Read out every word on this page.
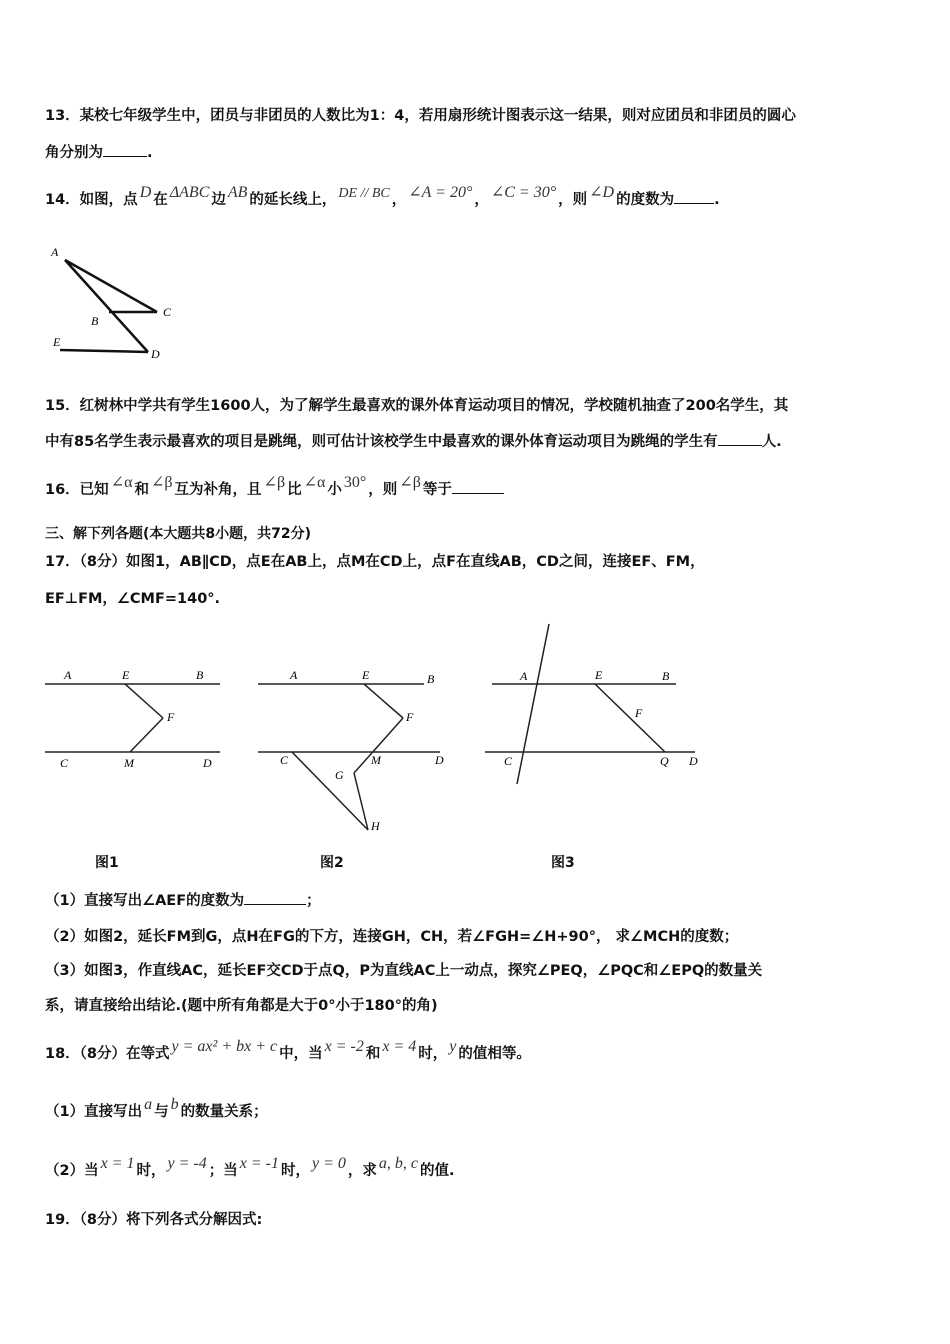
13．某校七年级学生中，团员与非团员的人数比为1：4，若用扇形统计图表示这一结果，则对应团员和非团员的圆心
角分别为	.
14．如图，点 D 在 ΔABC 边 AB 的延长线上， DE // BC ， ∠A = 20° ， ∠C = 30° ，则 ∠D 的度数为	.
A
B
C
E
D
15．红树林中学共有学生1600人，为了解学生最喜欢的课外体育运动项目的情况，学校随机抽查了200名学生，其
中有85名学生表示最喜欢的项目是跳绳，则可估计该校学生中最喜欢的课外体育运动项目为跳绳的学生有	人.
16．已知 ∠α 和 ∠β 互为补角，且 ∠β 比 ∠α 小 30° ，则 ∠β 等于
三、解下列各题(本大题共8小题，共72分)
17．（8分）如图1，AB∥CD，点E在AB上，点M在CD上，点F在直线AB，CD之间，连接EF、FM，
EF⊥FM，∠CMF=140°.
A	E	B
F
C	M	D
A	E	B
F
C	M	D
G
H
A	E	B
F
C	Q D
图1	图2	图3
（1）直接写出∠AEF的度数为	；
（2）如图2，延长FM到G，点H在FG的下方，连接GH，CH，若∠FGH=∠H+90°， 求∠MCH的度数；
（3）如图3，作直线AC，延长EF交CD于点Q，P为直线AC上一动点，探究∠PEQ，∠PQC和∠EPQ的数量关
系，请直接给出结论.(题中所有角都是大于0°小于180°的角)
18．（8分）在等式 y = ax² + bx + c 中，当 x = -2 和 x = 4 时， y 的值相等。
（1）直接写出 a 与 b 的数量关系；
（2）当 x = 1 时， y = -4 ；当 x = -1 时， y = 0 ，求 a, b, c 的值.
19．（8分）将下列各式分解因式:
